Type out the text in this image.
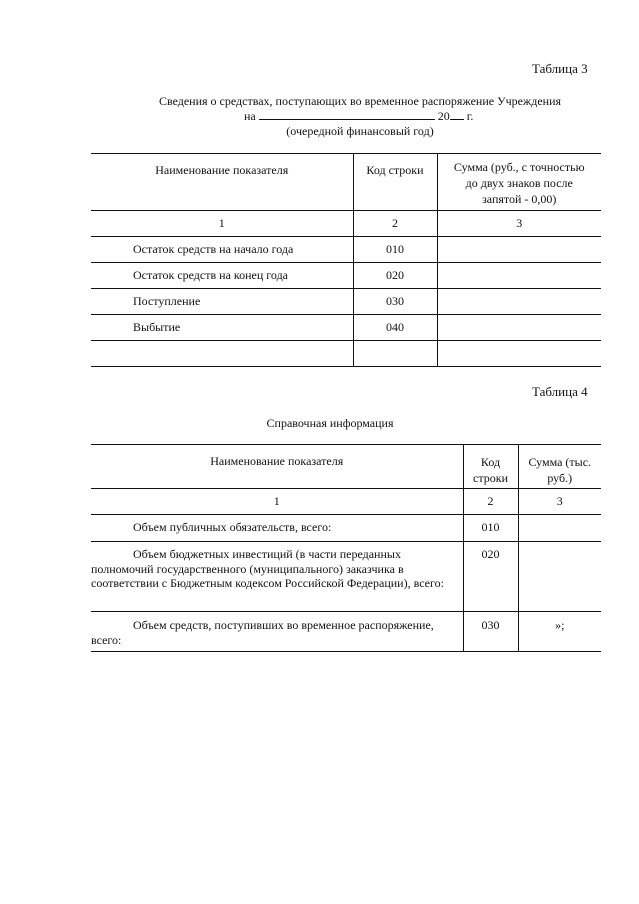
Таблица 3
Сведения о средствах, поступающих во временное распоряжение Учреждения
на	20 г.
(очередной финансовый год)
Наименование показателя	Код строки	Сумма (руб., с точностью до двух знаков после запятой - 0,00)
1	2	3
Остаток средств на начало года	010	
Остаток средств на конец года	020	
Поступление	030	
Выбытие	040	

Таблица 4
Справочная информация
Наименование показателя	Код строки	Сумма (тыс. руб.)
1	2	3
Объем публичных обязательств, всего:	010	
Объем бюджетных инвестиций (в части переданных полномочий государственного (муниципального) заказчика в соответствии с Бюджетным кодексом Российской Федерации), всего:	020	
Объем средств, поступивших во временное распоряжение, всего:	030	»;
